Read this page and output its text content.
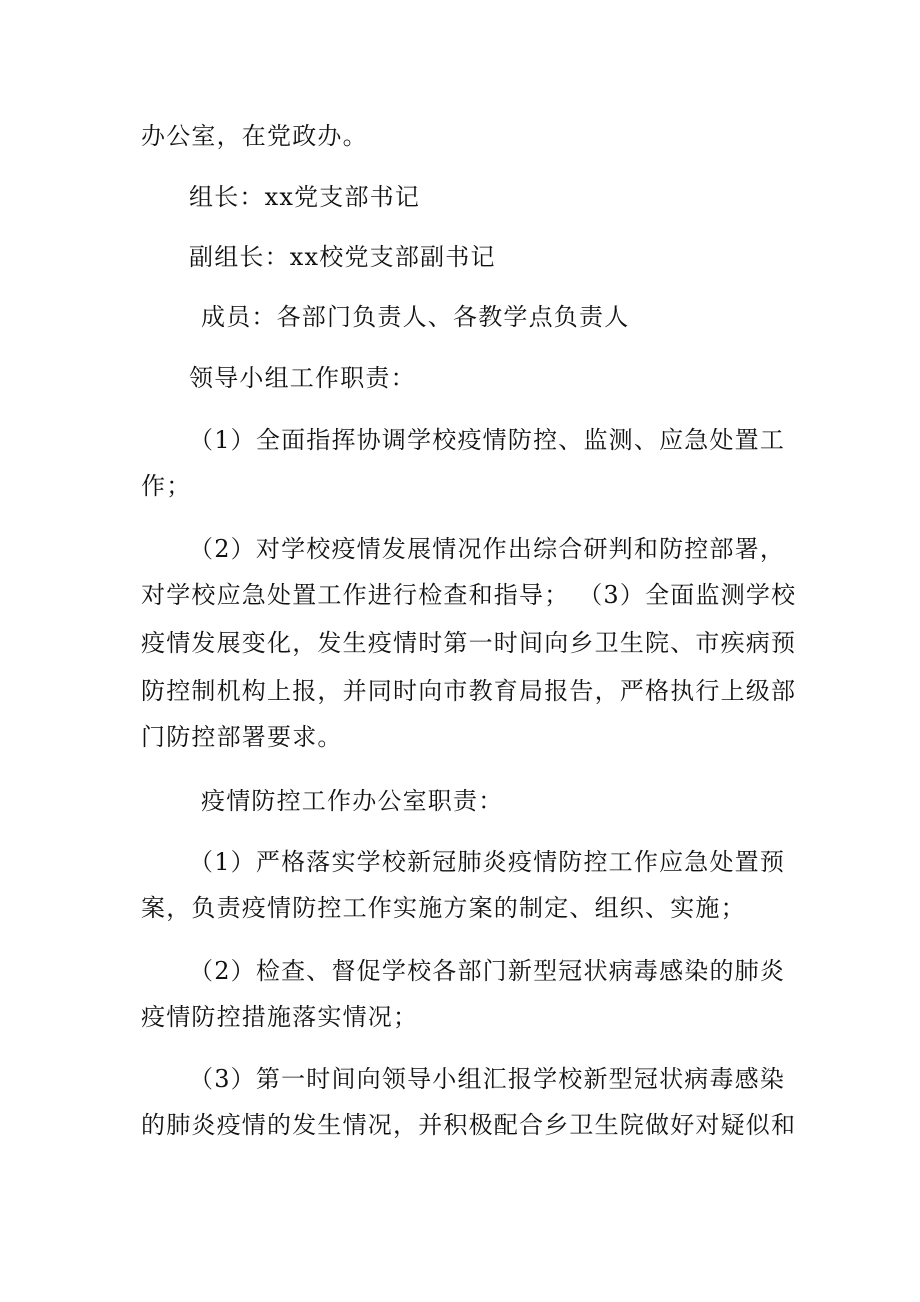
办公室，在党政办。
组长：xx党支部书记
副组长：xx校党支部副书记
成员：各部门负责人、各教学点负责人
领导小组工作职责：
（1）全面指挥协调学校疫情防控、监测、应急处置工
作；
（2）对学校疫情发展情况作出综合研判和防控部署，
对学校应急处置工作进行检查和指导； （3）全面监测学校
疫情发展变化，发生疫情时第一时间向乡卫生院、市疾病预
防控制机构上报，并同时向市教育局报告，严格执行上级部
门防控部署要求。
疫情防控工作办公室职责：
（1）严格落实学校新冠肺炎疫情防控工作应急处置预
案，负责疫情防控工作实施方案的制定、组织、实施；
（2）检查、督促学校各部门新型冠状病毒感染的肺炎
疫情防控措施落实情况；
（3）第一时间向领导小组汇报学校新型冠状病毒感染
的肺炎疫情的发生情况，并积极配合乡卫生院做好对疑似和
